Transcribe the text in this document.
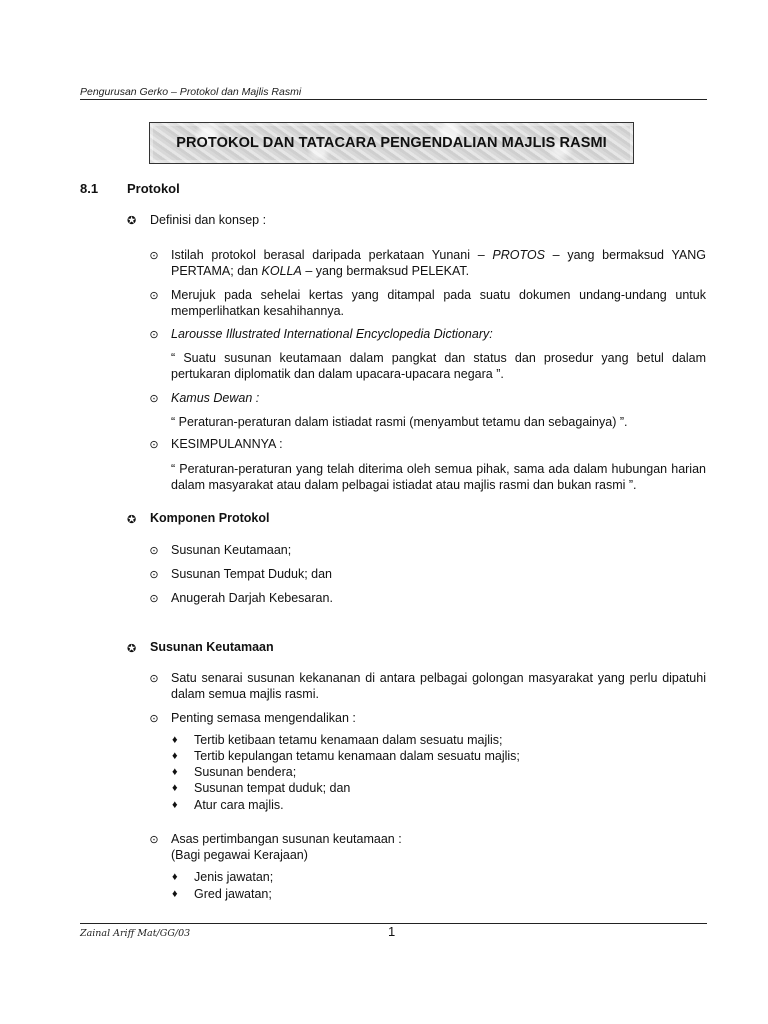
Pengurusan Gerko – Protokol dan Majlis Rasmi
PROTOKOL DAN TATACARA PENGENDALIAN MAJLIS RASMI
8.1 Protokol
✪ Definisi dan konsep :
⊙ Istilah protokol berasal daripada perkataan Yunani – PROTOS – yang bermaksud YANG
PERTAMA; dan KOLLA – yang bermaksud PELEKAT.
⊙ Merujuk pada sehelai kertas yang ditampal pada suatu dokumen undang-undang untuk memperlihatkan kesahihannya.
⊙ Larousse Illustrated International Encyclopedia Dictionary:
“ Suatu susunan keutamaan dalam pangkat dan status dan prosedur yang betul dalam pertukaran diplomatik dan dalam upacara-upacara negara ”.
⊙ Kamus Dewan :
“ Peraturan-peraturan dalam istiadat rasmi (menyambut tetamu dan sebagainya) ”.
⊙ KESIMPULANNYA :
“ Peraturan-peraturan yang telah diterima oleh semua pihak, sama ada dalam hubungan harian dalam masyarakat atau dalam pelbagai istiadat atau majlis rasmi dan bukan rasmi ”.
✪ Komponen Protokol
⊙ Susunan Keutamaan;
⊙ Susunan Tempat Duduk; dan
⊙ Anugerah Darjah Kebesaran.
✪ Susunan Keutamaan
⊙ Satu senarai susunan kekananan di antara pelbagai golongan masyarakat yang perlu dipatuhi dalam semua majlis rasmi.
⊙ Penting semasa mengendalikan :
♦ Tertib ketibaan tetamu kenamaan dalam sesuatu majlis;
♦ Tertib kepulangan tetamu kenamaan dalam sesuatu majlis;
♦ Susunan bendera;
♦ Susunan tempat duduk; dan
♦ Atur cara majlis.
⊙ Asas pertimbangan susunan keutamaan :
(Bagi pegawai Kerajaan)
♦ Jenis jawatan;
♦ Gred jawatan;
Zainal Ariff Mat/GG/03	1
